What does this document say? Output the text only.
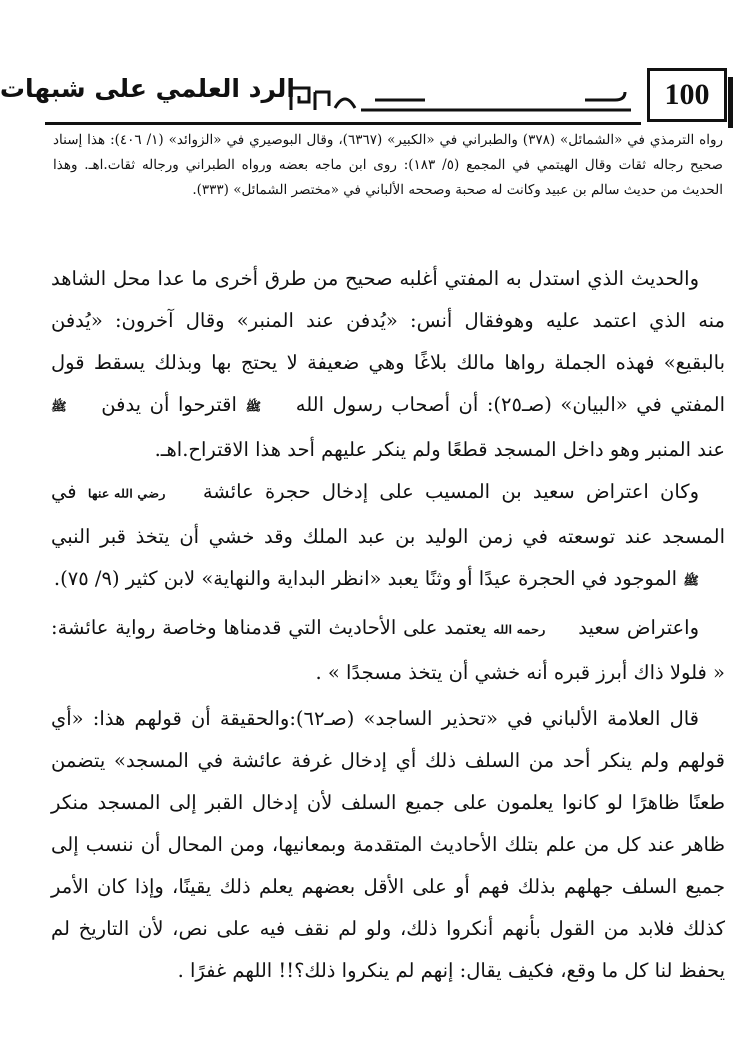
100
الرد العلمي على شبهات
رواه الترمذي في «الشمائل» (٣٧٨) والطبراني في «الكبير» (٦٣٦٧)، وقال البوصيري في «الزوائد» (١/ ٤٠٦): هذا إسناد صحيح رجاله ثقات وقال الهيتمي في المجمع (٥/ ١٨٣): روى ابن ماجه بعضه ورواه الطبراني ورجاله ثقات.اهـ. وهذا الحديث من حديث سالم بن عبيد وكانت له صحبة وصححه الألباني في «مختصر الشمائل» (٣٣٣).

والحديث الذي استدل به المفتي أغلبه صحيح من طرق أخرى ما عدا محل الشاهد منه الذي اعتمد عليه وهوفقال أنس: «يُدفن عند المنبر» وقال آخرون: «يُدفن بالبقيع» فهذه الجملة رواها مالك بلاغًا وهي ضعيفة لا يحتج بها وبذلك يسقط قول المفتي في «البيان» (صـ٢٥): أن أصحاب رسول الله ﷺ اقترحوا أن يدفن ﷺ عند المنبر وهو داخل المسجد قطعًا ولم ينكر عليهم أحد هذا الاقتراح.اهـ.

وكان اعتراض سعيد بن المسيب على إدخال حجرة عائشة رضي الله عنها في المسجد عند توسعته في زمن الوليد بن عبد الملك وقد خشي أن يتخذ قبر النبي ﷺ الموجود في الحجرة عيدًا أو وثنًا يعبد «انظر البداية والنهاية» لابن كثير (٩/ ٧٥).

واعتراض سعيد رحمه الله يعتمد على الأحاديث التي قدمناها وخاصة رواية عائشة: « فلولا ذاك أبرز قبره أنه خشي أن يتخذ مسجدًا » .

قال العلامة الألباني في «تحذير الساجد» (صـ٦٢):والحقيقة أن قولهم هذا: «أي قولهم ولم ينكر أحد من السلف ذلك أي إدخال غرفة عائشة في المسجد» يتضمن طعنًا ظاهرًا لو كانوا يعلمون على جميع السلف لأن إدخال القبر إلى المسجد منكر ظاهر عند كل من علم بتلك الأحاديث المتقدمة وبمعانيها، ومن المحال أن ننسب إلى جميع السلف جهلهم بذلك فهم أو على الأقل بعضهم يعلم ذلك يقينًا، وإذا كان الأمر كذلك فلابد من القول بأنهم أنكروا ذلك، ولو لم نقف فيه على نص، لأن التاريخ لم يحفظ لنا كل ما وقع، فكيف يقال: إنهم لم ينكروا ذلك؟!! اللهم غفرًا .
